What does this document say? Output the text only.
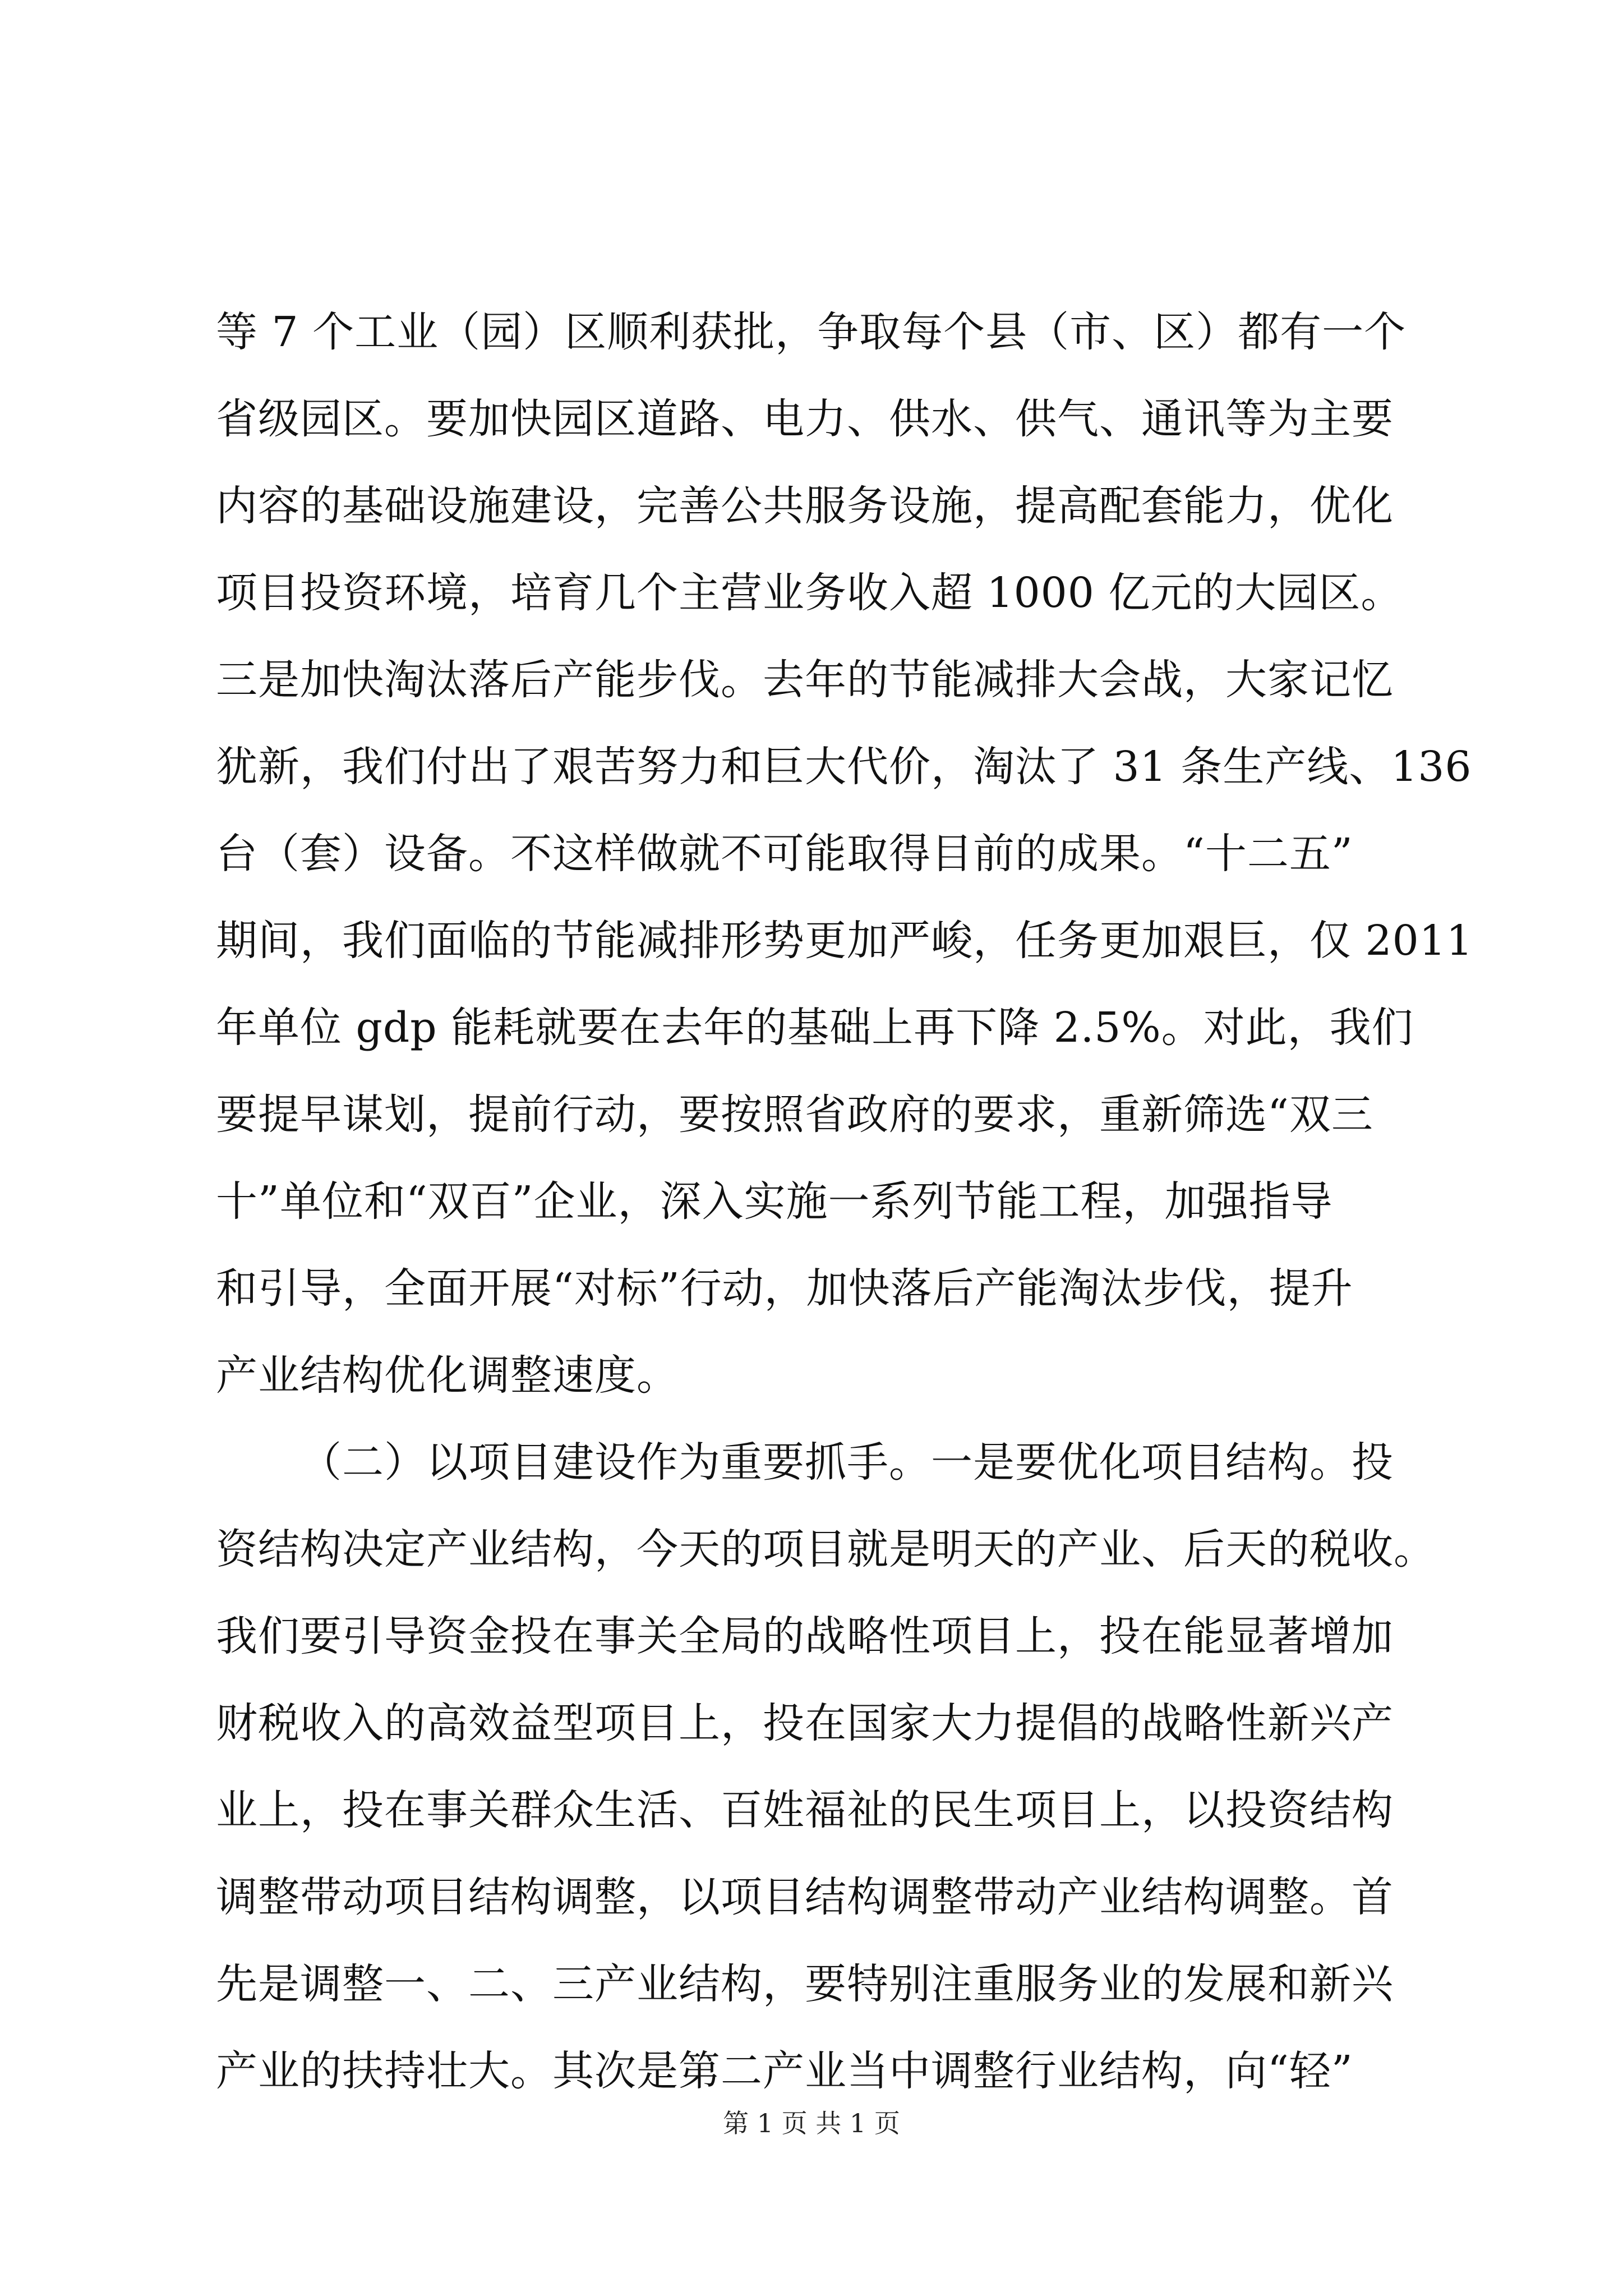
等 7 个工业（园）区顺利获批，争取每个县（市、区）都有一个
省级园区。要加快园区道路、电力、供水、供气、通讯等为主要
内容的基础设施建设，完善公共服务设施，提高配套能力，优化
项目投资环境，培育几个主营业务收入超 1000 亿元的大园区。
三是加快淘汰落后产能步伐。去年的节能减排大会战，大家记忆
犹新，我们付出了艰苦努力和巨大代价，淘汰了 31 条生产线、136
台（套）设备。不这样做就不可能取得目前的成果。“十二五”
期间，我们面临的节能减排形势更加严峻，任务更加艰巨，仅 2011
年单位 gdp 能耗就要在去年的基础上再下降 2.5%。对此，我们
要提早谋划，提前行动，要按照省政府的要求，重新筛选“双三
十”单位和“双百”企业，深入实施一系列节能工程，加强指导
和引导，全面开展“对标”行动，加快落后产能淘汰步伐，提升
产业结构优化调整速度。
（二）以项目建设作为重要抓手。一是要优化项目结构。投
资结构决定产业结构，今天的项目就是明天的产业、后天的税收。
我们要引导资金投在事关全局的战略性项目上，投在能显著增加
财税收入的高效益型项目上，投在国家大力提倡的战略性新兴产
业上，投在事关群众生活、百姓福祉的民生项目上，以投资结构
调整带动项目结构调整，以项目结构调整带动产业结构调整。首
先是调整一、二、三产业结构，要特别注重服务业的发展和新兴
产业的扶持壮大。其次是第二产业当中调整行业结构，向“轻”
第 1 页 共 1 页
